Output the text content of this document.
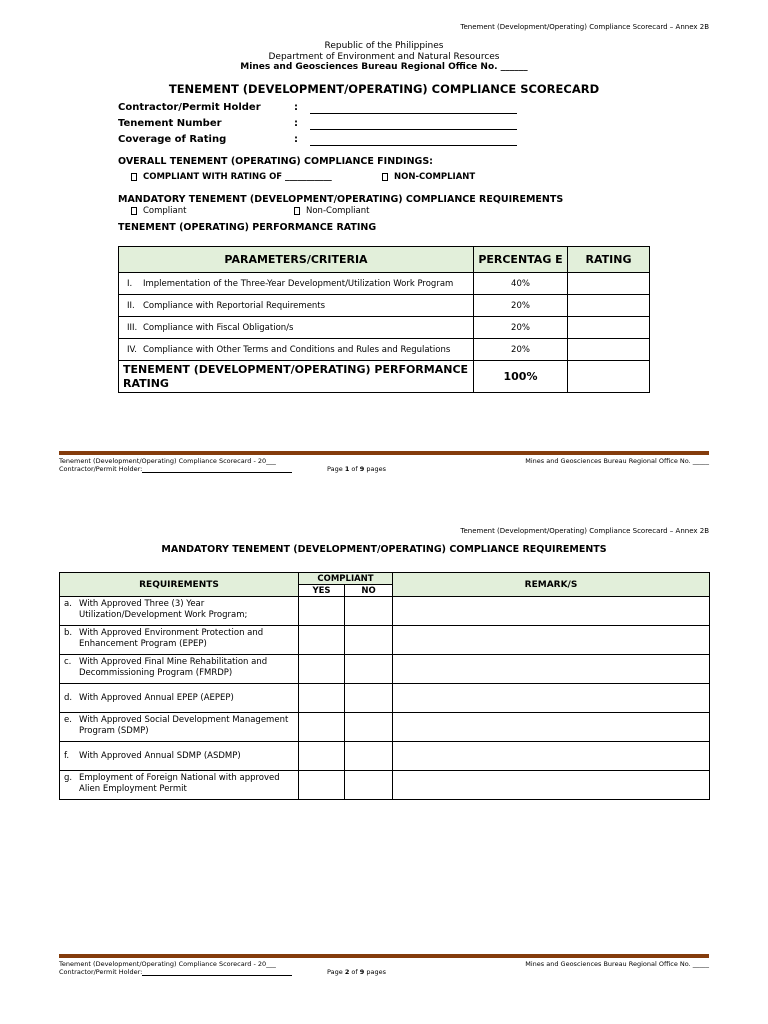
Tenement (Development/Operating) Compliance Scorecard – Annex 2B
Republic of the Philippines
Department of Environment and Natural Resources
Mines and Geosciences Bureau Regional Office No. ______
TENEMENT (DEVELOPMENT/OPERATING) COMPLIANCE SCORECARD
Contractor/Permit Holder	:
Tenement Number	:
Coverage of Rating	:
OVERALL TENEMENT (OPERATING) COMPLIANCE FINDINGS:
COMPLIANT WITH RATING OF ___________	NON-COMPLIANT
MANDATORY TENEMENT (DEVELOPMENT/OPERATING) COMPLIANCE REQUIREMENTS
Compliant	Non-Compliant
TENEMENT (OPERATING) PERFORMANCE RATING
PARAMETERS/CRITERIA	PERCENTAG E	RATING

I. Implementation of the Three-Year Development/Utilization Work Program	40%	

II. Compliance with Reportorial Requirements	20%	

III. Compliance with Fiscal Obligation/s	20%	

IV. Compliance with Other Terms and Conditions and Rules and Regulations	20%	
TENEMENT (DEVELOPMENT/OPERATING) PERFORMANCE RATING	100%	
Tenement (Development/Operating) Compliance Scorecard - 20___
Contractor/Permit Holder:	Page 1 of 9 pages
Mines and Geosciences Bureau Regional Office No. _____
Tenement (Development/Operating) Compliance Scorecard – Annex 2B
MANDATORY TENEMENT (DEVELOPMENT/OPERATING) COMPLIANCE REQUIREMENTS
REQUIREMENTS	COMPLIANT		REMARK/S
	YES	NO	

a. With Approved Three (3) Year Utilization/Development Work Program;			

b. With Approved Environment Protection and Enhancement Program (EPEP)			

c. With Approved Final Mine Rehabilitation and Decommissioning Program (FMRDP)			

d. With Approved Annual EPEP (AEPEP)			

e. With Approved Social Development Management Program (SDMP)			

f. With Approved Annual SDMP (ASDMP)			

g. Employment of Foreign National with approved Alien Employment Permit			

Tenement (Development/Operating) Compliance Scorecard - 20___
Contractor/Permit Holder:	Page 2 of 9 pages
Mines and Geosciences Bureau Regional Office No. _____
